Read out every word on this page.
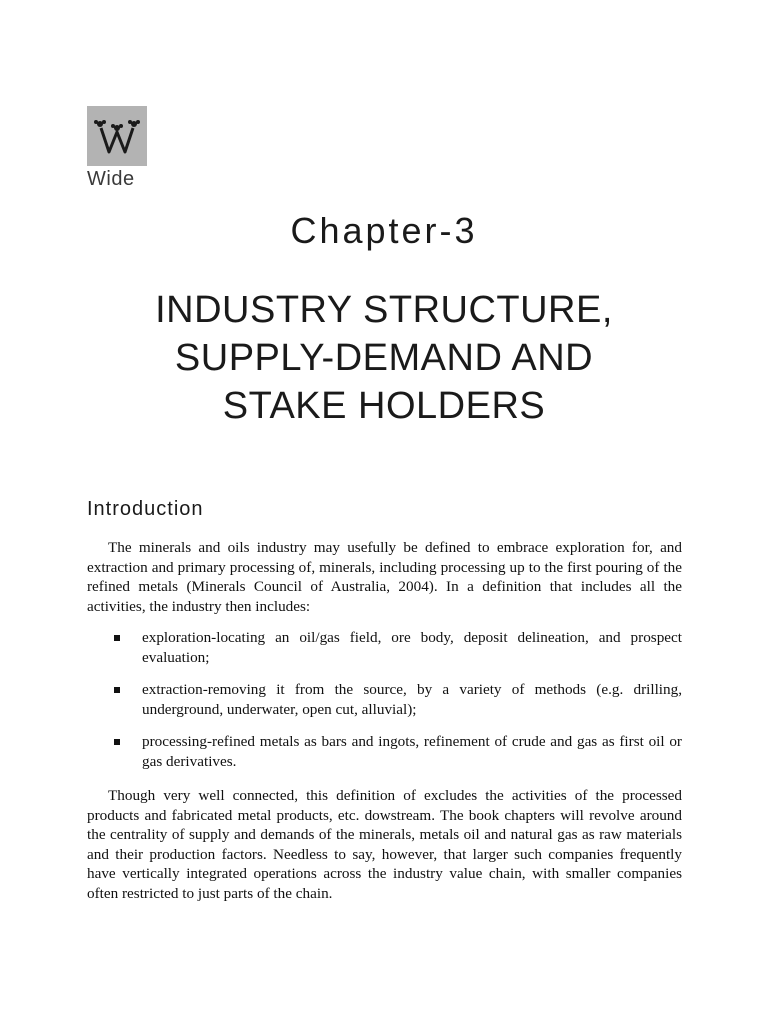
Wide
Chapter-3
INDUSTRY STRUCTURE,
SUPPLY-DEMAND AND
STAKE HOLDERS
Introduction

The minerals and oils industry may usefully be defined to embrace exploration for, and extraction and primary processing of, minerals, including processing up to the first pouring of the refined metals (Minerals Council of Australia, 2004). In a definition that includes all the activities, the industry then includes:

exploration-locating an oil/gas field, ore body, deposit delineation, and prospect evaluation;
extraction-removing it from the source, by a variety of methods (e.g. drilling, underground, underwater, open cut, alluvial);
processing-refined metals as bars and ingots, refinement of crude and gas as first oil or gas derivatives.

Though very well connected, this definition of excludes the activities of the processed products and fabricated metal products, etc. dowstream. The book chapters will revolve around the centrality of supply and demands of the minerals, metals oil and natural gas as raw materials and their production factors. Needless to say, however, that larger such companies frequently have vertically integrated operations across the industry value chain, with smaller companies often restricted to just parts of the chain.
